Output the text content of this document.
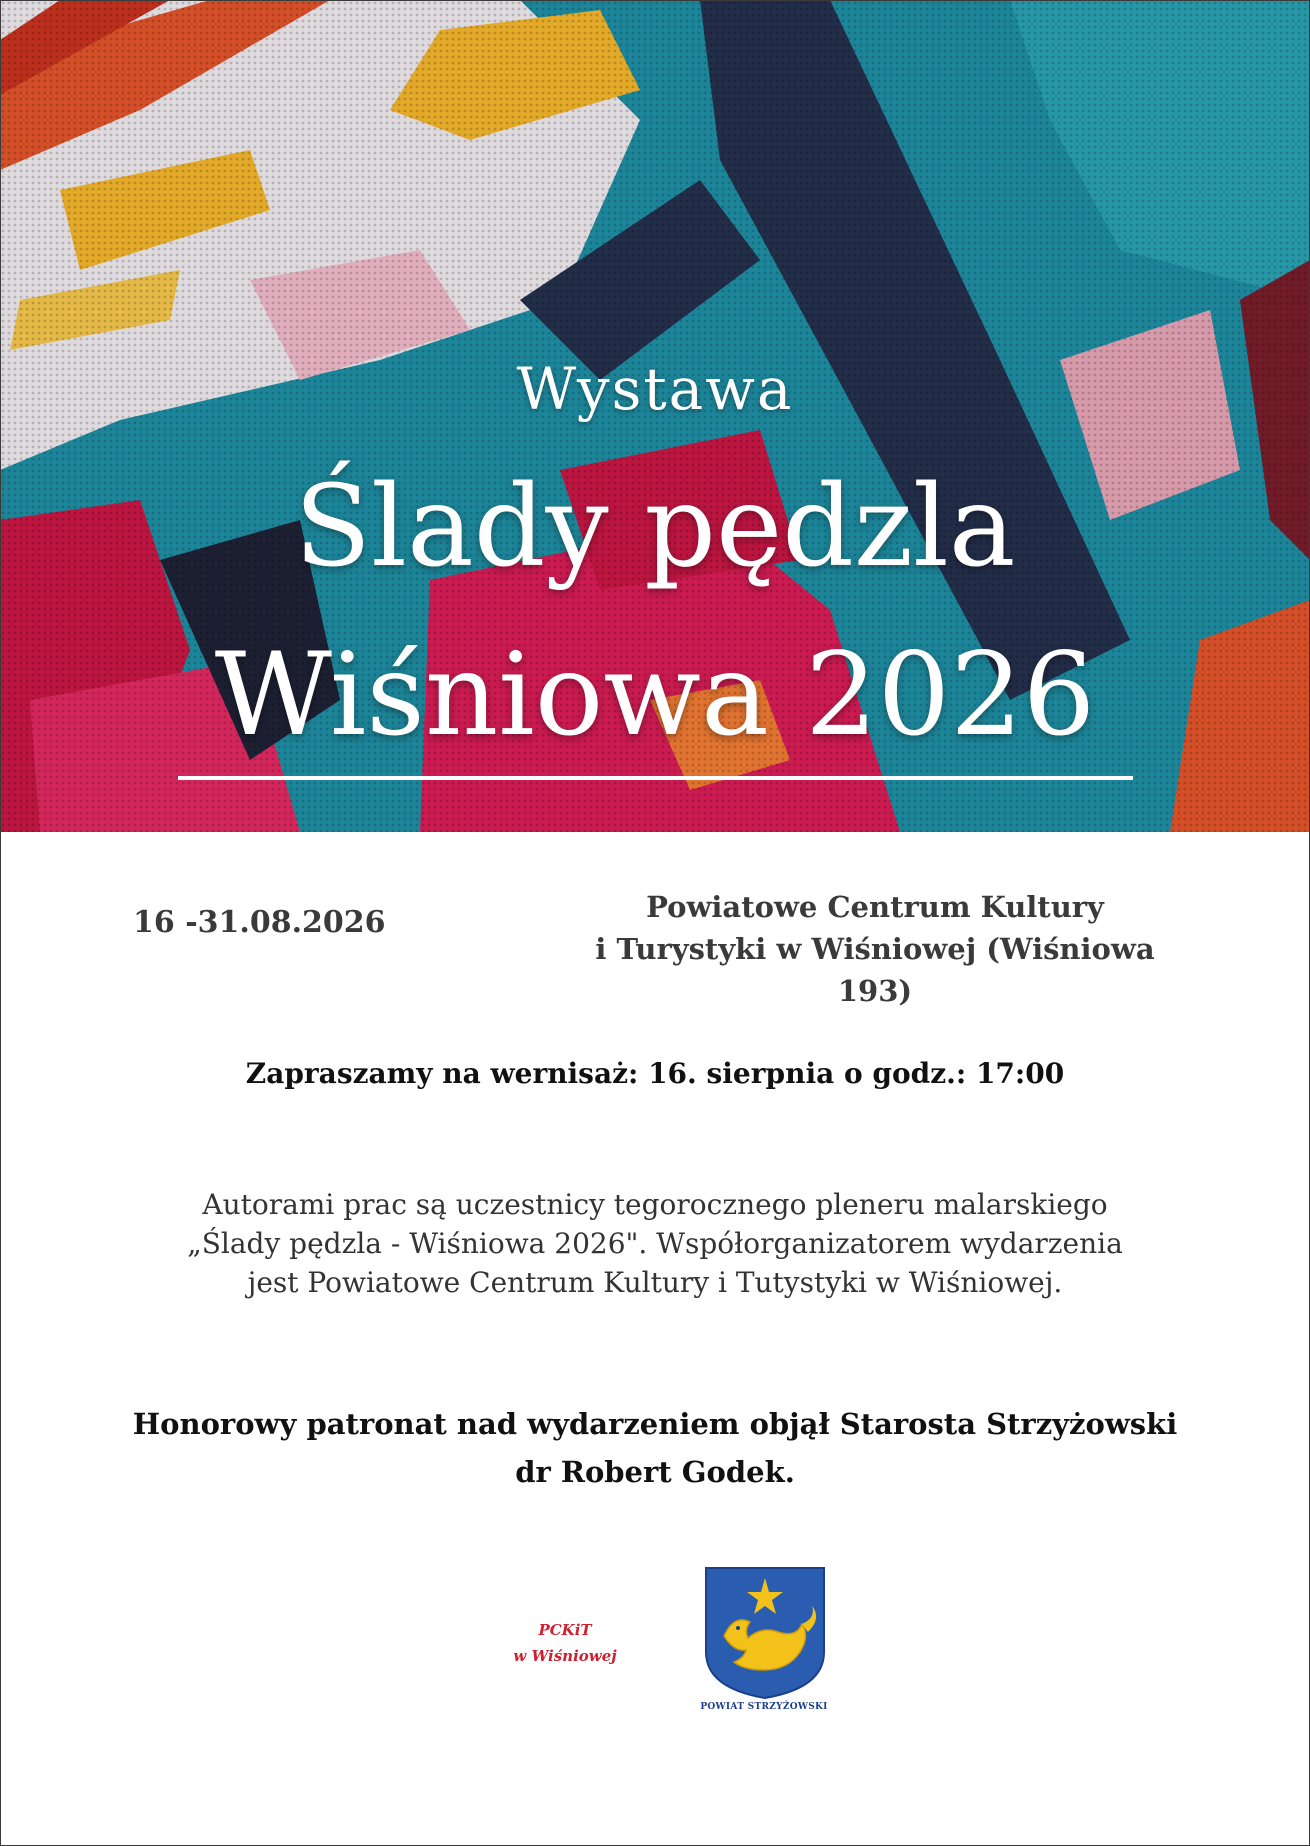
Wystawa
Ślady pędzla
Wiśniowa 2026
16 -31.08.2026	Powiatowe Centrum Kultury
i Turystyki w Wiśniowej (Wiśniowa 193)
Zapraszamy na wernisaż: 16. sierpnia o godz.: 17:00
Autorami prac są uczestnicy tegorocznego pleneru malarskiego
„Ślady pędzla - Wiśniowa 2026". Współorganizatorem wydarzenia
jest Powiatowe Centrum Kultury i Tutystyki w Wiśniowej.
Honorowy patronat nad wydarzeniem objął Starosta Strzyżowski
dr Robert Godek.
PCKiT
w Wiśniowej
POWIAT STRZYŻOWSKI
